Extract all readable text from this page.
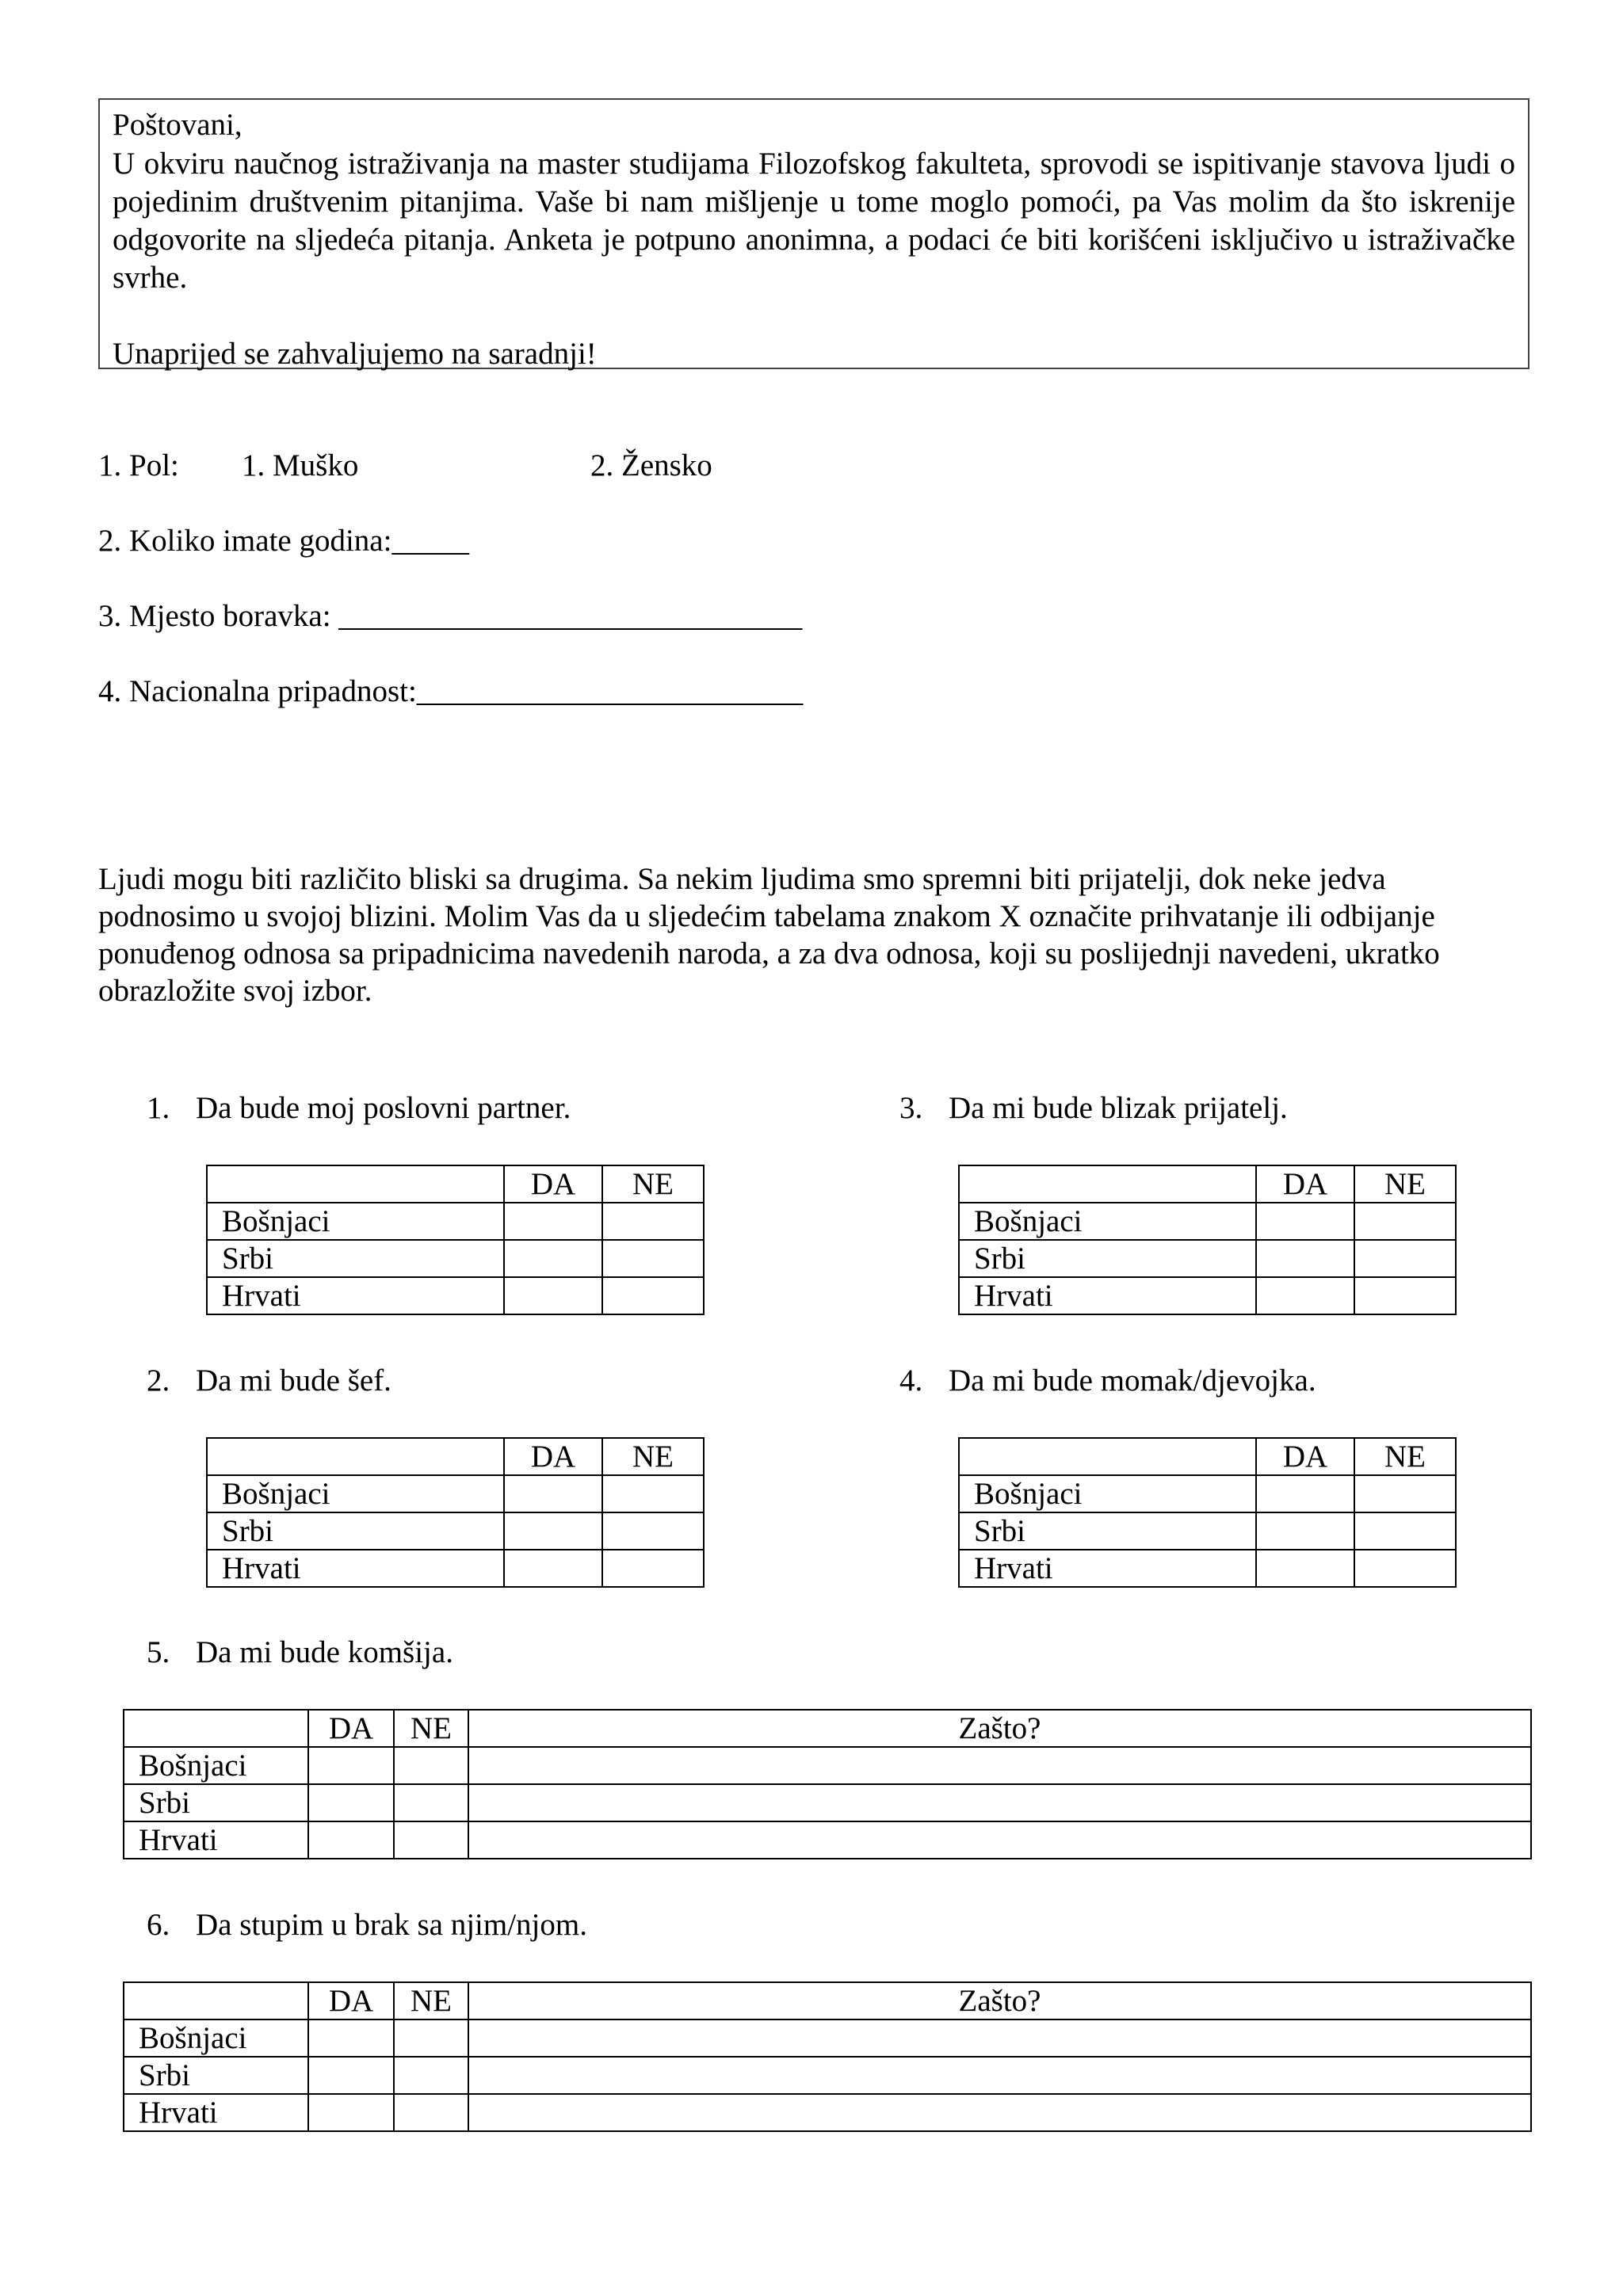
Poštovani,

U okviru naučnog istraživanja na master studijama Filozofskog fakulteta, sprovodi se ispitivanje stavova ljudi o pojedinim društvenim pitanjima. Vaše bi nam mišljenje u tome moglo pomoći, pa Vas molim da što iskrenije odgovorite na sljedeća pitanja. Anketa je potpuno anonimna, a podaci će biti korišćeni isključivo u istraživačke svrhe.

Unaprijed se zahvaljujemo na saradnji!

1. Pol: 1. Muško	2. Žensko
2. Koliko imate godina:_____
3. Mjesto boravka: ______________________________
4. Nacionalna pripadnost:_________________________

Ljudi mogu biti različito bliski sa drugima. Sa nekim ljudima smo spremni biti prijatelji, dok neke jedva podnosimo u svojoj blizini. Molim Vas da u sljedećim tabelama znakom X označite prihvatanje ili odbijanje ponuđenog odnosa sa pripadnicima navedenih naroda, a za dva odnosa, koji su poslijednji navedeni, ukratko obrazložite svoj izbor.

1. Da bude moj poslovni partner.
	DA	NE
Bošnjaci		
Srbi		
Hrvati		
3. Da mi bude blizak prijatelj.
	DA	NE
Bošnjaci		
Srbi		
Hrvati		
2. Da mi bude šef.
	DA	NE
Bošnjaci		
Srbi		
Hrvati		
4. Da mi bude momak/djevojka.
	DA	NE
Bošnjaci		
Srbi		
Hrvati		
5. Da mi bude komšija.
	DA	NE	Zašto?
Bošnjaci			
Srbi			
Hrvati			
6. Da stupim u brak sa njim/njom.
	DA	NE	Zašto?
Bošnjaci			
Srbi			
Hrvati			
